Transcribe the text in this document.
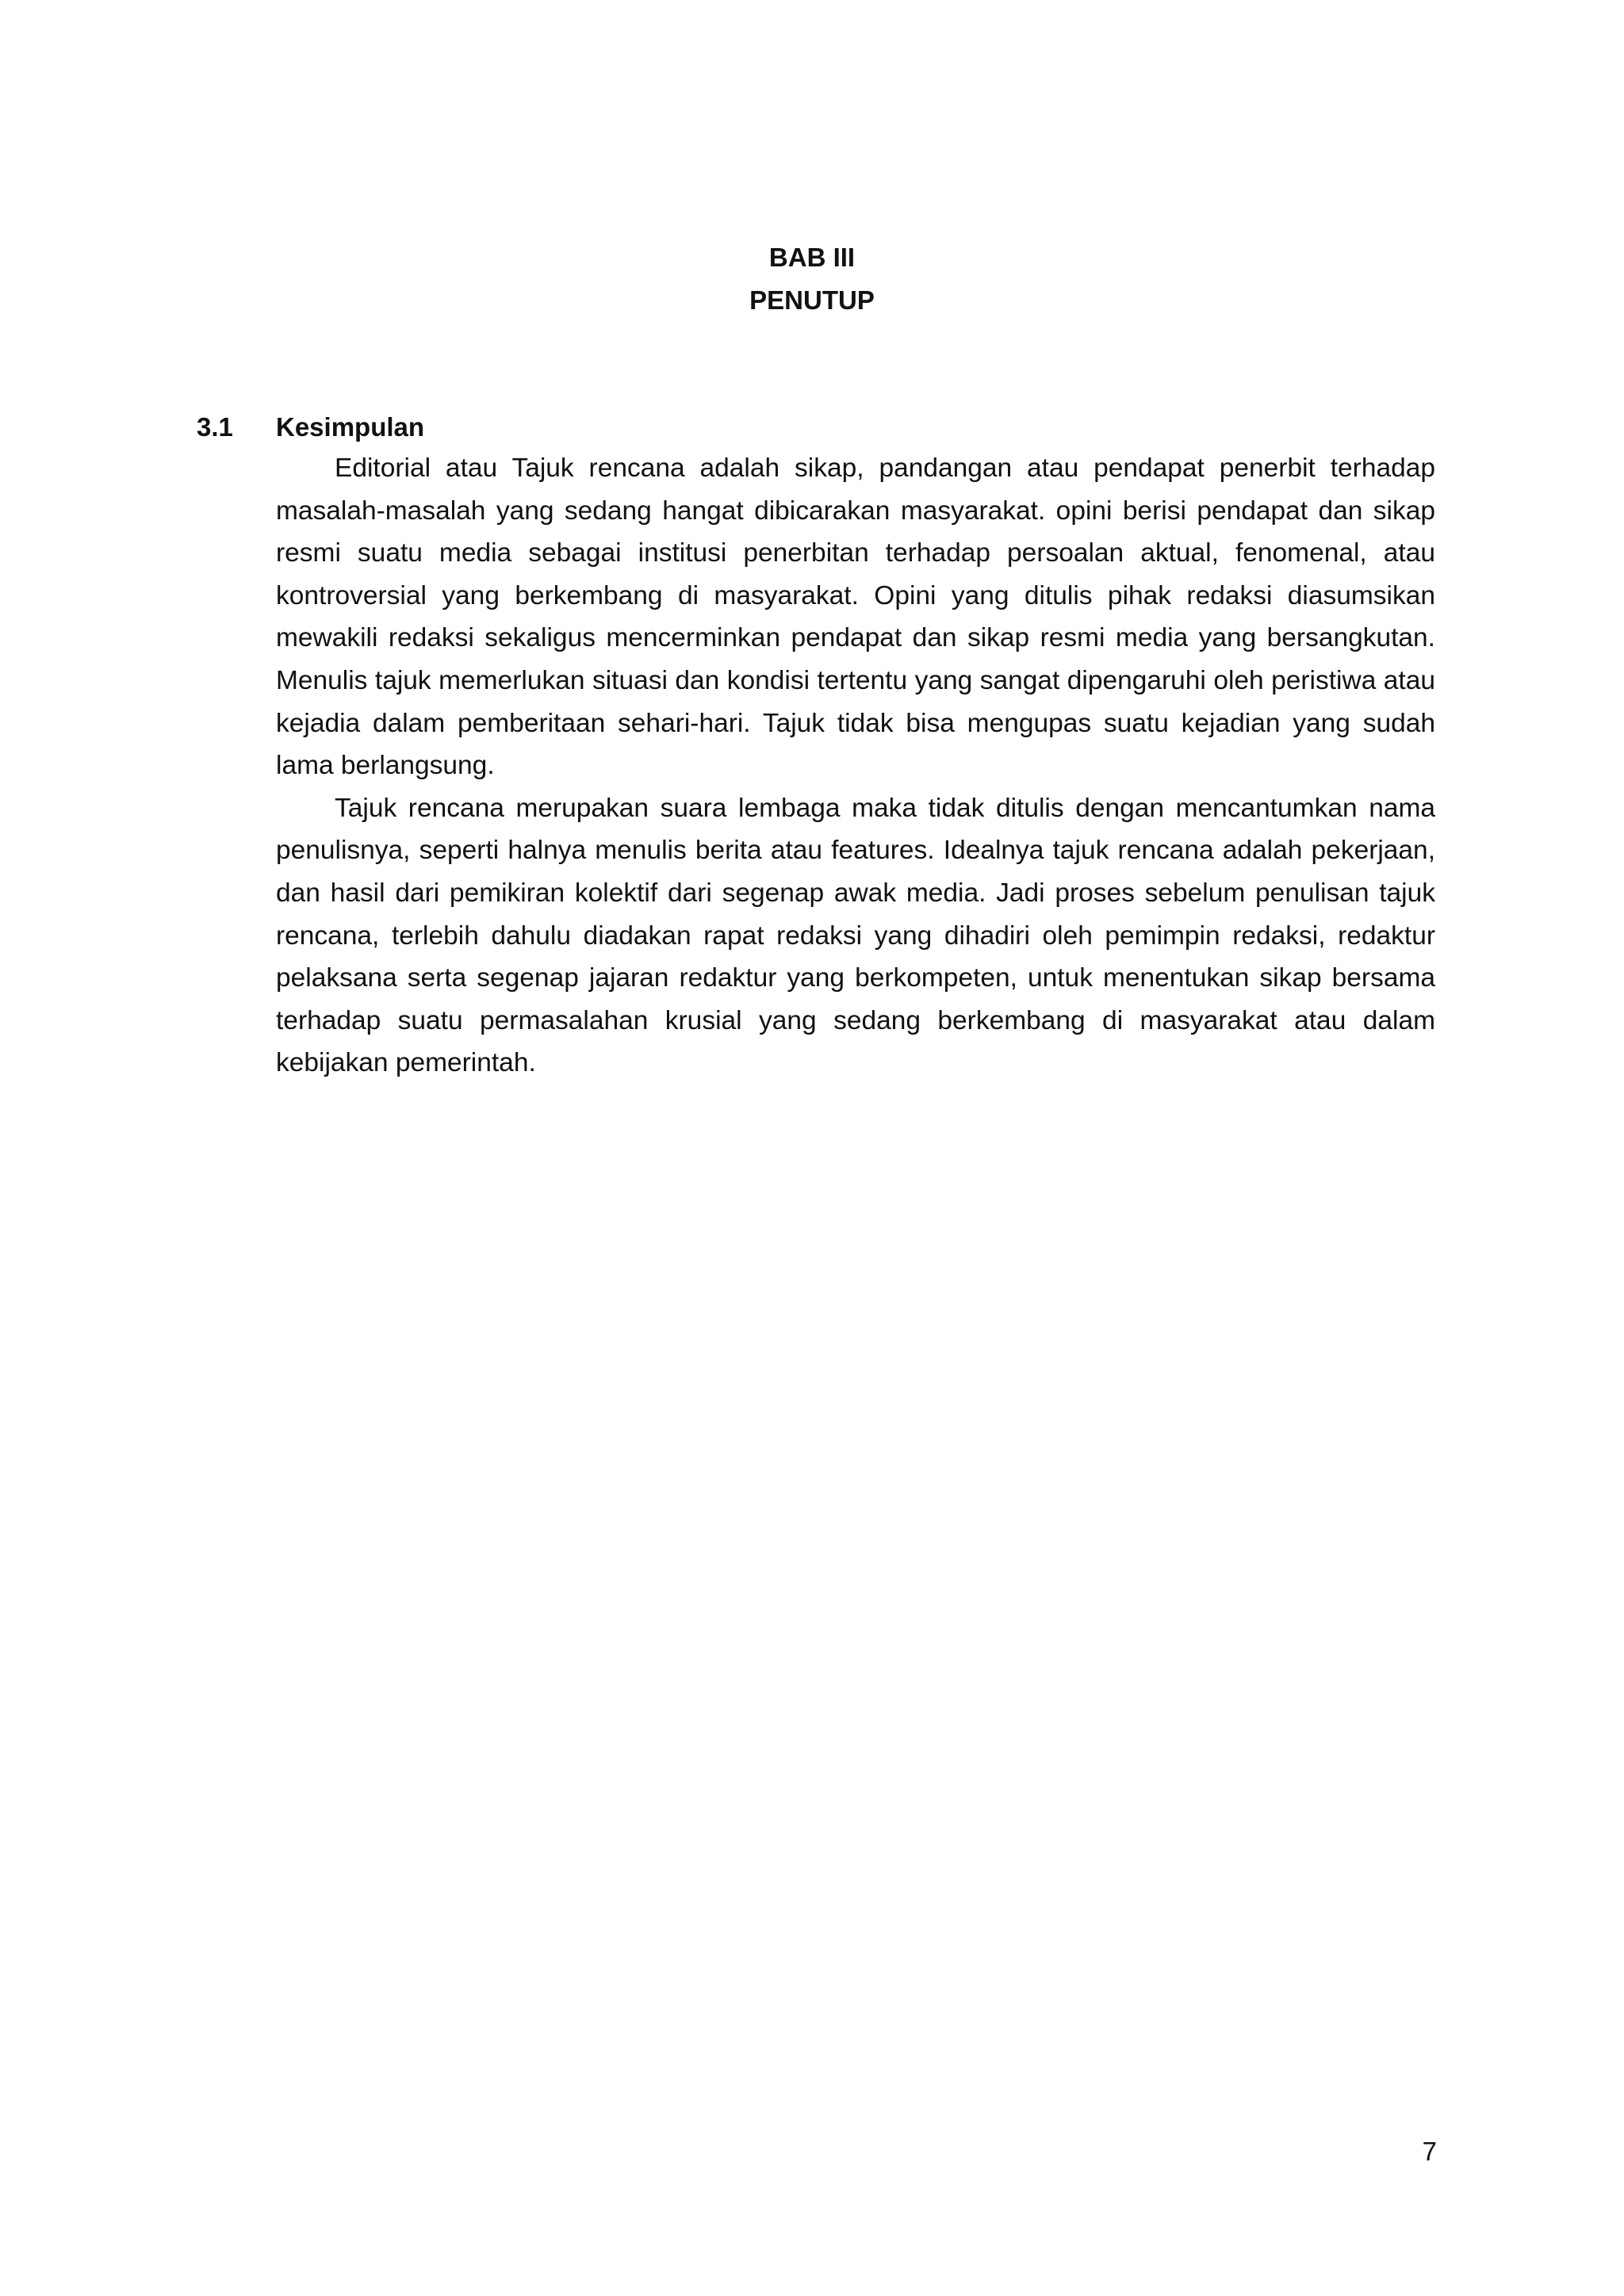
BAB III
PENUTUP
3.1 Kesimpulan

Editorial atau Tajuk rencana adalah sikap, pandangan atau pendapat penerbit terhadap masalah-masalah yang sedang hangat dibicarakan masyarakat. opini berisi pendapat dan sikap resmi suatu media sebagai institusi penerbitan terhadap persoalan aktual, fenomenal, atau kontroversial yang berkembang di masyarakat. Opini yang ditulis pihak redaksi diasumsikan mewakili redaksi sekaligus mencerminkan pendapat dan sikap resmi media yang bersangkutan. Menulis tajuk memerlukan situasi dan kondisi tertentu yang sangat dipengaruhi oleh peristiwa atau kejadia dalam pemberitaan sehari-hari. Tajuk tidak bisa mengupas suatu kejadian yang sudah lama berlangsung.

Tajuk rencana merupakan suara lembaga maka tidak ditulis dengan mencantumkan nama penulisnya, seperti halnya menulis berita atau features. Idealnya tajuk rencana adalah pekerjaan, dan hasil dari pemikiran kolektif dari segenap awak media. Jadi proses sebelum penulisan tajuk rencana, terlebih dahulu diadakan rapat redaksi yang dihadiri oleh pemimpin redaksi, redaktur pelaksana serta segenap jajaran redaktur yang berkompeten, untuk menentukan sikap bersama terhadap suatu permasalahan krusial yang sedang berkembang di masyarakat atau dalam kebijakan pemerintah.

7
